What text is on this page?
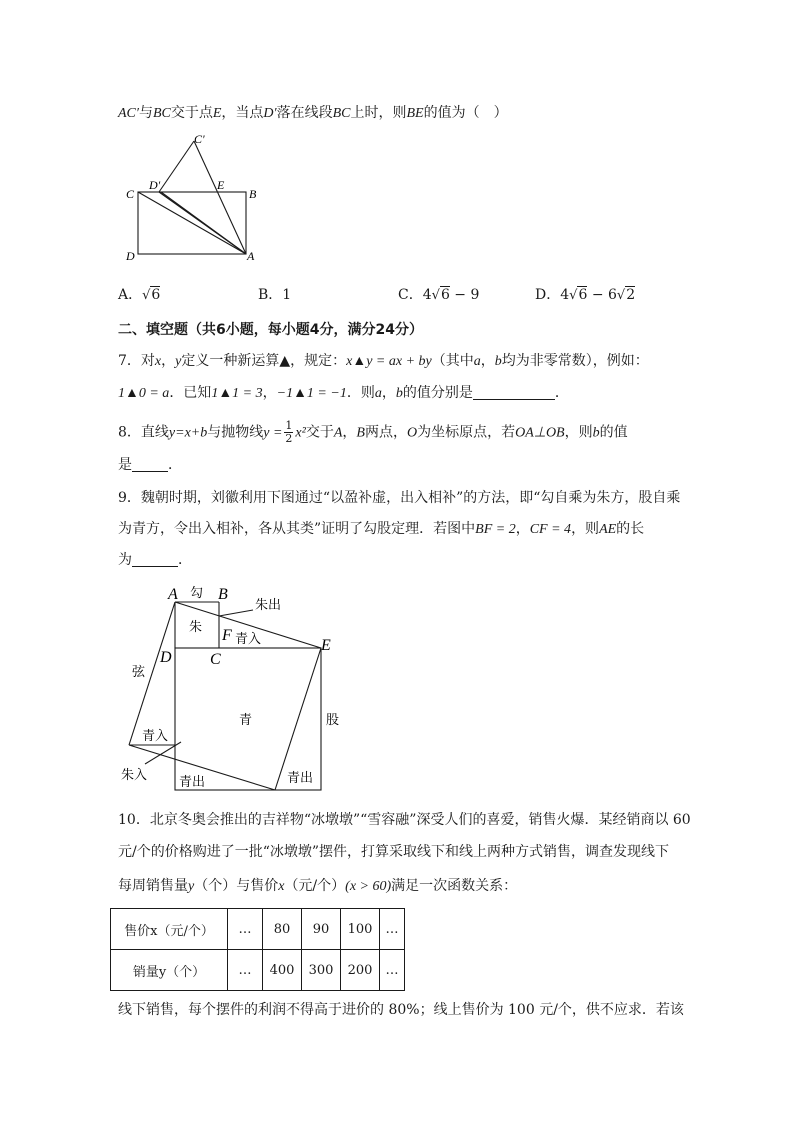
AC′与BC交于点E，当点D′落在线段BC上时，则BE的值为（　）
C'
D'	E
B
C
D	A
A．√6	B．1	C．4√6 − 9	D．4√6 − 6√2
二、填空题（共6小题，每小题4分，满分24分）
7．对x，y定义一种新运算▲，规定：x▲y = ax + by（其中a，b均为非零常数），例如：
1▲0 = a．已知1▲1 = 3，−1▲1 = −1．则a，b的值分别是	．
8．直线y=x+b与抛物线$y = \frac{1}{2} x^2$交于A，B两点，O为坐标原点，若OA⊥OB，则b的值
是	．
9．魏朝时期，刘徽利用下图通过“以盈补虚，出入相补”的方法，即“勾自乘为朱方，股自乘
为青方，令出入相补，各从其类”证明了勾股定理．若图中BF = 2，CF = 4，则AE的长
为	．
A 勾 B
朱出
朱
F 青入
D C
E
弦
青	股
青入
朱入 青出	青出
10．北京冬奥会推出的吉祥物“冰墩墩”“雪容融”深受人们的喜爱，销售火爆．某经销商以 60
元/个的价格购进了一批“冰墩墩”摆件，打算采取线下和线上两种方式销售，调查发现线下
每周销售量y（个）与售价x（元/个）(x > 60)满足一次函数关系：
售价x（元/个）	…	80	90	100	…
销量y（个）	…	400	300	200	…
线下销售，每个摆件的利润不得高于进价的 80%；线上售价为 100 元/个，供不应求．若该
